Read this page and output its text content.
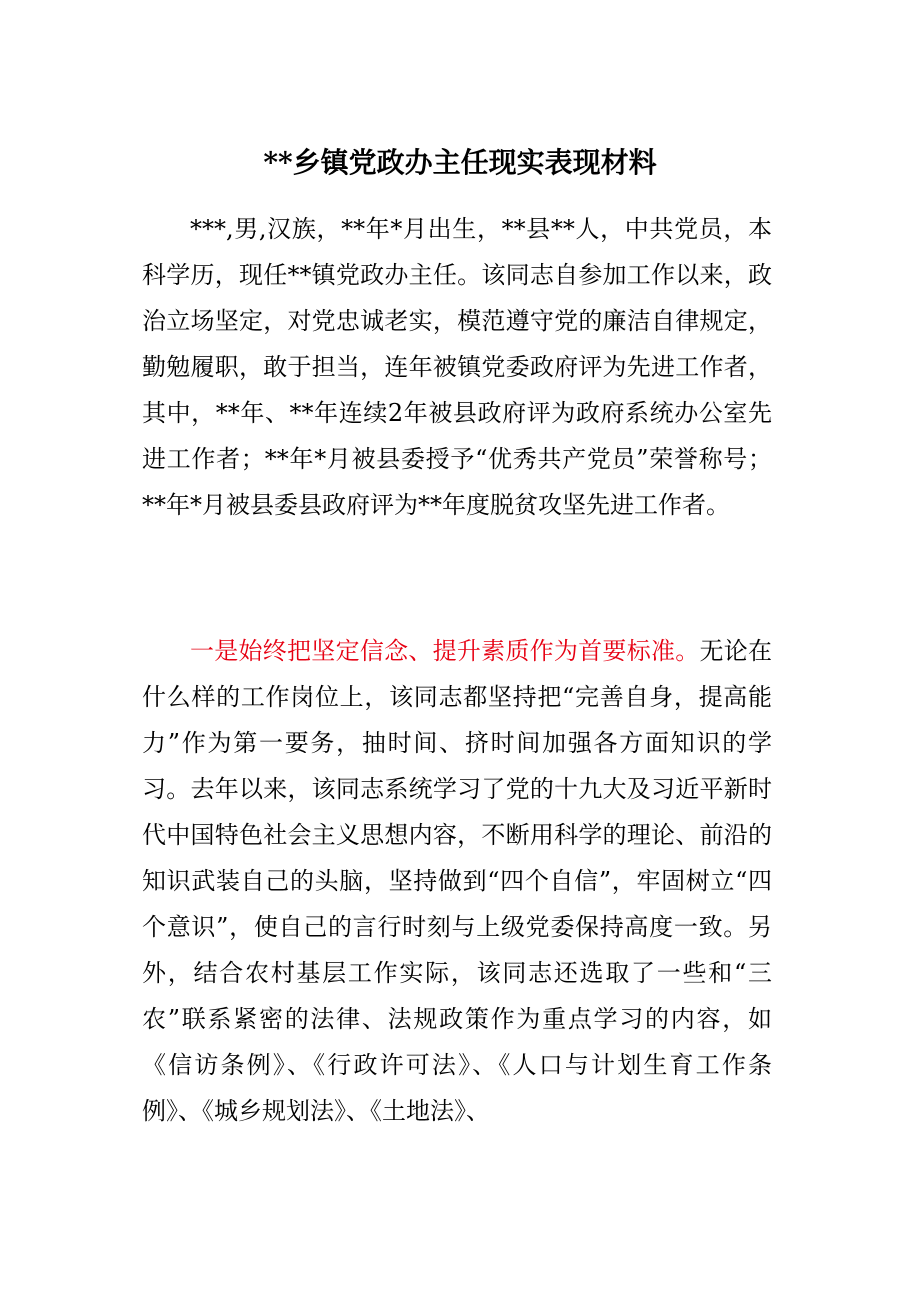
**乡镇党政办主任现实表现材料

***,男,汉族，**年*月出生，**县**人，中共党员，本科学历，现任**镇党政办主任。该同志自参加工作以来，政治立场坚定，对党忠诚老实，模范遵守党的廉洁自律规定，勤勉履职，敢于担当，连年被镇党委政府评为先进工作者，其中，**年、**年连续2年被县政府评为政府系统办公室先进工作者；**年*月被县委授予“优秀共产党员”荣誉称号；**年*月被县委县政府评为**年度脱贫攻坚先进工作者。

一是始终把坚定信念、提升素质作为首要标准。无论在什么样的工作岗位上，该同志都坚持把“完善自身，提高能力”作为第一要务，抽时间、挤时间加强各方面知识的学习。去年以来，该同志系统学习了党的十九大及习近平新时代中国特色社会主义思想内容，不断用科学的理论、前沿的知识武装自己的头脑，坚持做到“四个自信”，牢固树立“四个意识”，使自己的言行时刻与上级党委保持高度一致。另外，结合农村基层工作实际，该同志还选取了一些和“三农”联系紧密的法律、法规政策作为重点学习的内容，如《信访条例》、《行政许可法》、《人口与计划生育工作条例》、《城乡规划法》、《土地法》、
